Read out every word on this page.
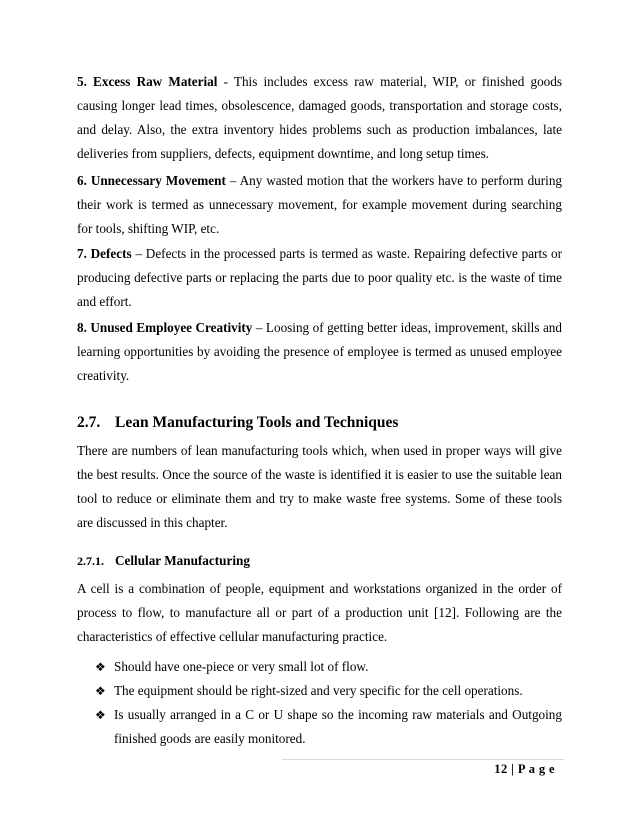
5. Excess Raw Material - This includes excess raw material, WIP, or finished goods causing longer lead times, obsolescence, damaged goods, transportation and storage costs, and delay. Also, the extra inventory hides problems such as production imbalances, late deliveries from suppliers, defects, equipment downtime, and long setup times.

6. Unnecessary Movement – Any wasted motion that the workers have to perform during their work is termed as unnecessary movement, for example movement during searching for tools, shifting WIP, etc.

7. Defects – Defects in the processed parts is termed as waste. Repairing defective parts or producing defective parts or replacing the parts due to poor quality etc. is the waste of time and effort.

8. Unused Employee Creativity – Loosing of getting better ideas, improvement, skills and learning opportunities by avoiding the presence of employee is termed as unused employee creativity.

2.7. Lean Manufacturing Tools and Techniques

There are numbers of lean manufacturing tools which, when used in proper ways will give the best results. Once the source of the waste is identified it is easier to use the suitable lean tool to reduce or eliminate them and try to make waste free systems. Some of these tools are discussed in this chapter.

2.7.1. Cellular Manufacturing

A cell is a combination of people, equipment and workstations organized in the order of process to flow, to manufacture all or part of a production unit [12]. Following are the characteristics of effective cellular manufacturing practice.

❖ Should have one-piece or very small lot of flow.
❖ The equipment should be right-sized and very specific for the cell operations.
❖ Is usually arranged in a C or U shape so the incoming raw materials and Outgoing finished goods are easily monitored.
12 | P a g e
